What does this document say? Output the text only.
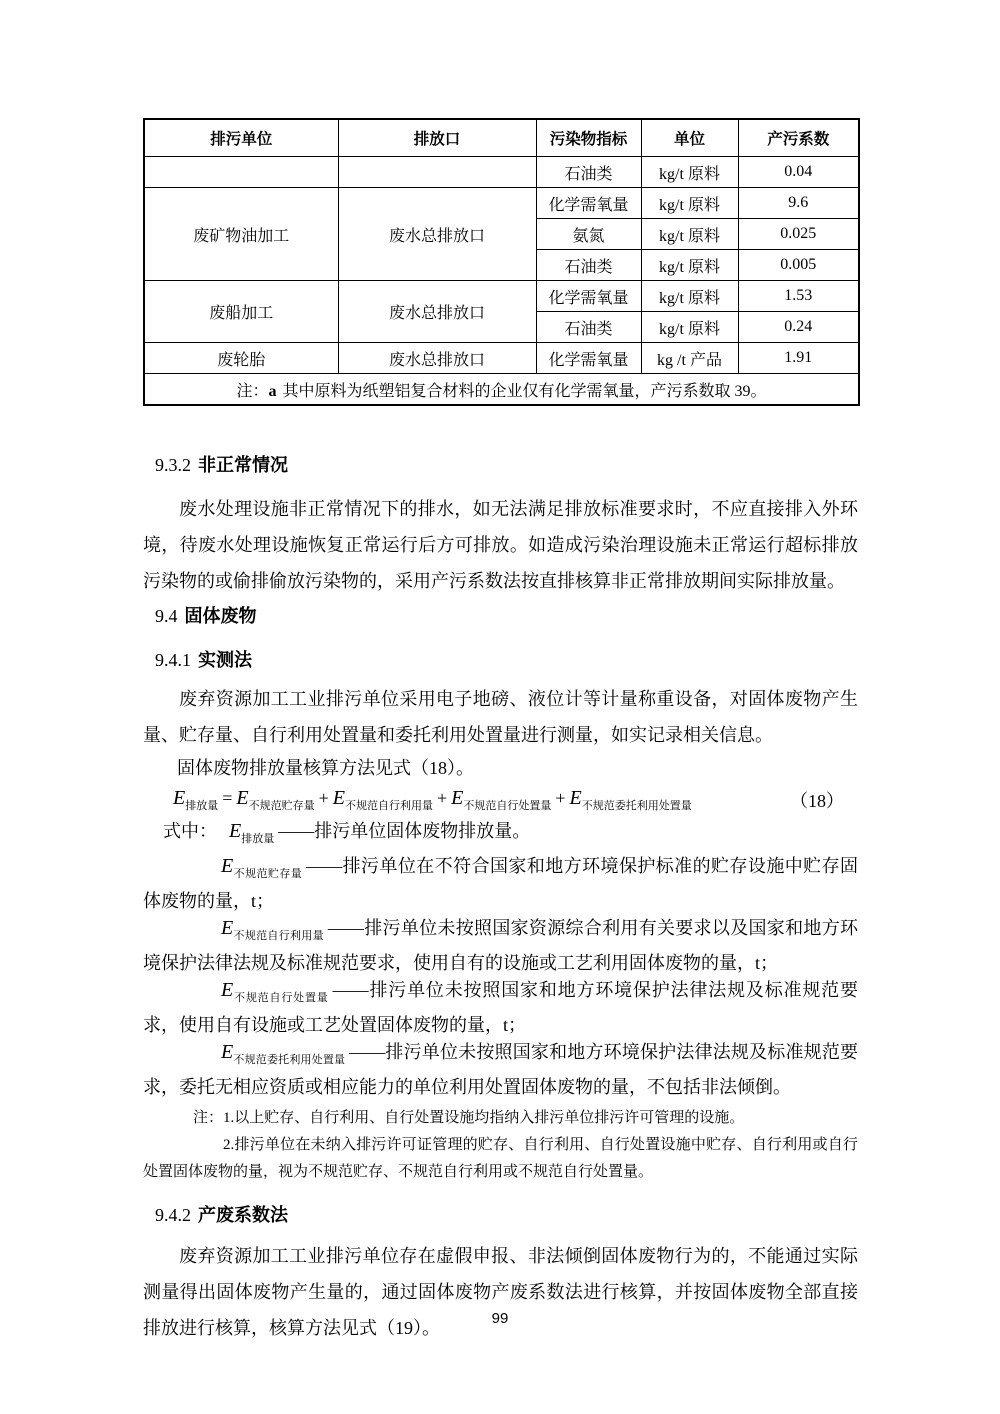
排污单位	排放口	污染物指标	单位	产污系数
		石油类	kg/t 原料	0.04
废矿物油加工	废水总排放口	化学需氧量	kg/t 原料	9.6
		氨氮	kg/t 原料	0.025
		石油类	kg/t 原料	0.005
废船加工	废水总排放口	化学需氧量	kg/t 原料	1.53
		石油类	kg/t 原料	0.24
废轮胎	废水总排放口	化学需氧量	kg /t 产品	1.91
注：a 其中原料为纸塑铝复合材料的企业仅有化学需氧量，产污系数取 39。				
9.3.2 非正常情况

废水处理设施非正常情况下的排水，如无法满足排放标准要求时，不应直接排入外环境，待废水处理设施恢复正常运行后方可排放。如造成污染治理设施未正常运行超标排放污染物的或偷排偷放污染物的，采用产污系数法按直排核算非正常排放期间实际排放量。

9.4 固体废物
9.4.1 实测法

废弃资源加工工业排污单位采用电子地磅、液位计等计量称重设备，对固体废物产生量、贮存量、自行利用处置量和委托利用处置量进行测量，如实记录相关信息。

固体废物排放量核算方法见式（18）。

$E_{排放量} = E_{不规范贮存量} + E_{不规范自行利用量} + E_{不规范自行处置量} + E_{不规范委托利用处置量}$	（18）

式中： $E_{排放量}$ ——排污单位固体废物排放量。

$E_{不规范贮存量}$ ——排污单位在不符合国家和地方环境保护标准的贮存设施中贮存固体废物的量，t；

$E_{不规范自行利用量}$ ——排污单位未按照国家资源综合利用有关要求以及国家和地方环境保护法律法规及标准规范要求，使用自有的设施或工艺利用固体废物的量，t；

$E_{不规范自行处置量}$ ——排污单位未按照国家和地方环境保护法律法规及标准规范要求，使用自有设施或工艺处置固体废物的量，t；

$E_{不规范委托利用处置量}$ ——排污单位未按照国家和地方环境保护法律法规及标准规范要求，委托无相应资质或相应能力的单位利用处置固体废物的量，不包括非法倾倒。

注：1.以上贮存、自行利用、自行处置设施均指纳入排污单位排污许可管理的设施。

2.排污单位在未纳入排污许可证管理的贮存、自行利用、自行处置设施中贮存、自行利用或自行处置固体废物的量，视为不规范贮存、不规范自行利用或不规范自行处置量。

9.4.2 产废系数法

废弃资源加工工业排污单位存在虚假申报、非法倾倒固体废物行为的，不能通过实际测量得出固体废物产生量的，通过固体废物产废系数法进行核算，并按固体废物全部直接排放进行核算，核算方法见式（19）。	99
